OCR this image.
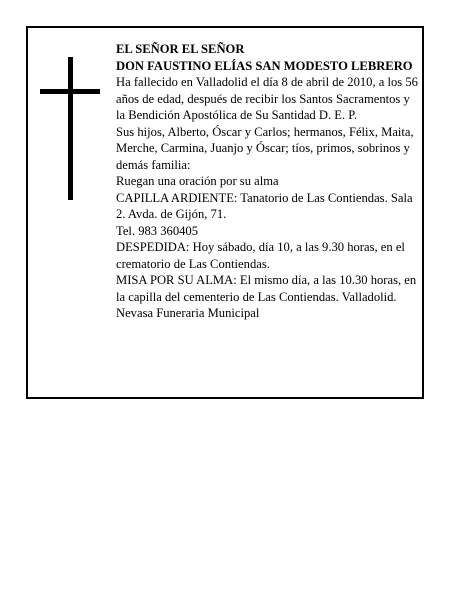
EL SEÑOR EL SEÑOR
DON FAUSTINO ELÍAS SAN MODESTO LEBRERO
Ha fallecido en Valladolid el día 8 de abril de 2010, a los 56 años de edad, después de recibir los Santos Sacramentos y la Bendición Apostólica de Su Santidad D. E. P.
Sus hijos, Alberto, Óscar y Carlos; hermanos, Félix, Maita, Merche, Carmina, Juanjo y Óscar; tíos, primos, sobrinos y demás familia:
Ruegan una oración por su alma
CAPILLA ARDIENTE: Tanatorio de Las Contiendas. Sala 2. Avda. de Gijón, 71.
Tel. 983 360405
DESPEDIDA: Hoy sábado, día 10, a las 9.30 horas, en el crematorio de Las Contiendas.
MISA POR SU ALMA: El mismo día, a las 10.30 horas, en la capilla del cementerio de Las Contiendas. Valladolid.
Nevasa Funeraria Municipal
